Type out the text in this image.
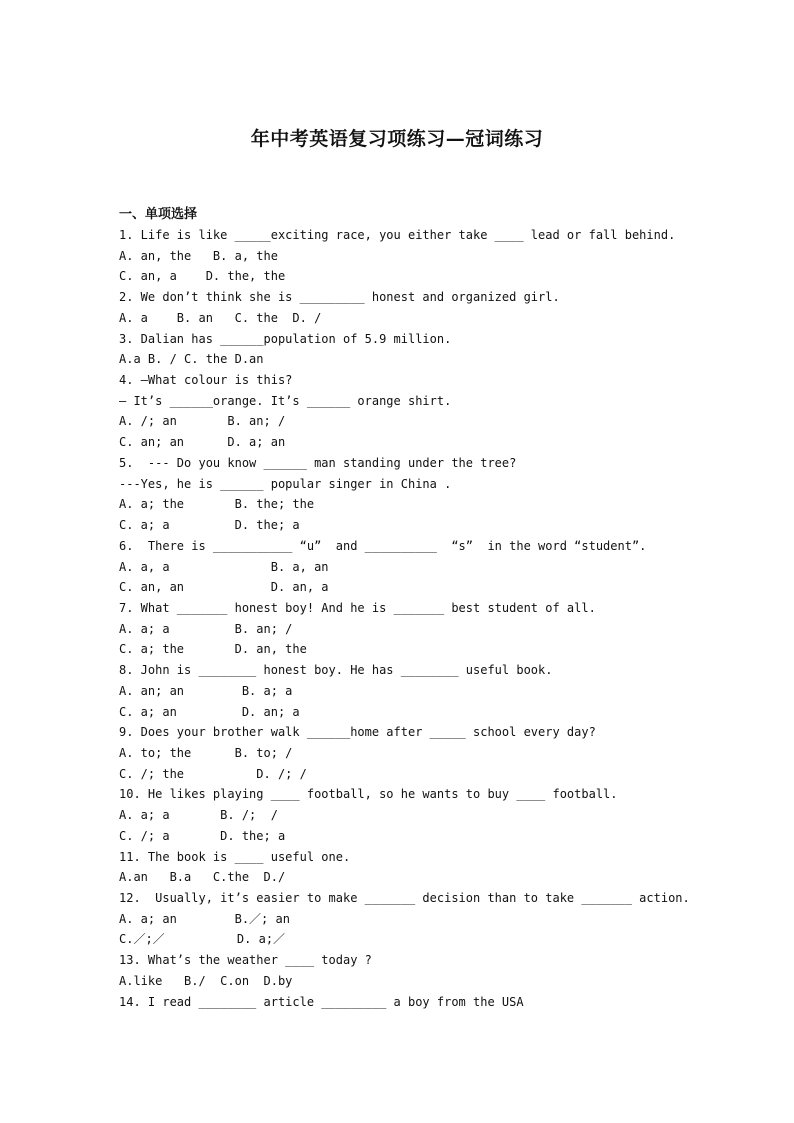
年中考英语复习项练习—冠词练习
一、单项选择
1. Life is like _____exciting race, you either take ____ lead or fall behind.
A. an, the   B. a, the
C. an, a    D. the, the
2. We don’t think she is _________ honest and organized girl.
A. a    B. an   C. the  D. /
3. Dalian has ______population of 5.9 million.
A.a B. / C. the D.an
4. –What colour is this?
– It’s ______orange. It’s ______ orange shirt.
A. /; an       B. an; /
C. an; an      D. a; an
5.  --- Do you know ______ man standing under the tree?
---Yes, he is ______ popular singer in China .
A. a; the       B. the; the
C. a; a         D. the; a
6.  There is ___________ “u”  and __________  “s”  in the word “student”.
A. a, a              B. a, an
C. an, an            D. an, a
7. What _______ honest boy! And he is _______ best student of all.
A. a; a         B. an; /
C. a; the       D. an, the
8. John is ________ honest boy. He has ________ useful book.
A. an; an        B. a; a
C. a; an         D. an; a
9. Does your brother walk ______home after _____ school every day?
A. to; the      B. to; /
C. /; the          D. /; /
10. He likes playing ____ football, so he wants to buy ____ football.
A. a; a       B. /;  /
C. /; a       D. the; a
11. The book is ____ useful one.
A.an   B.a   C.the  D./
12.  Usually, it’s easier to make _______ decision than to take _______ action.
A. a; an        B.／; an
C.／;／          D. a;／
13. What’s the weather ____ today ?
A.like   B./  C.on  D.by
14. I read ________ article _________ a boy from the USA
